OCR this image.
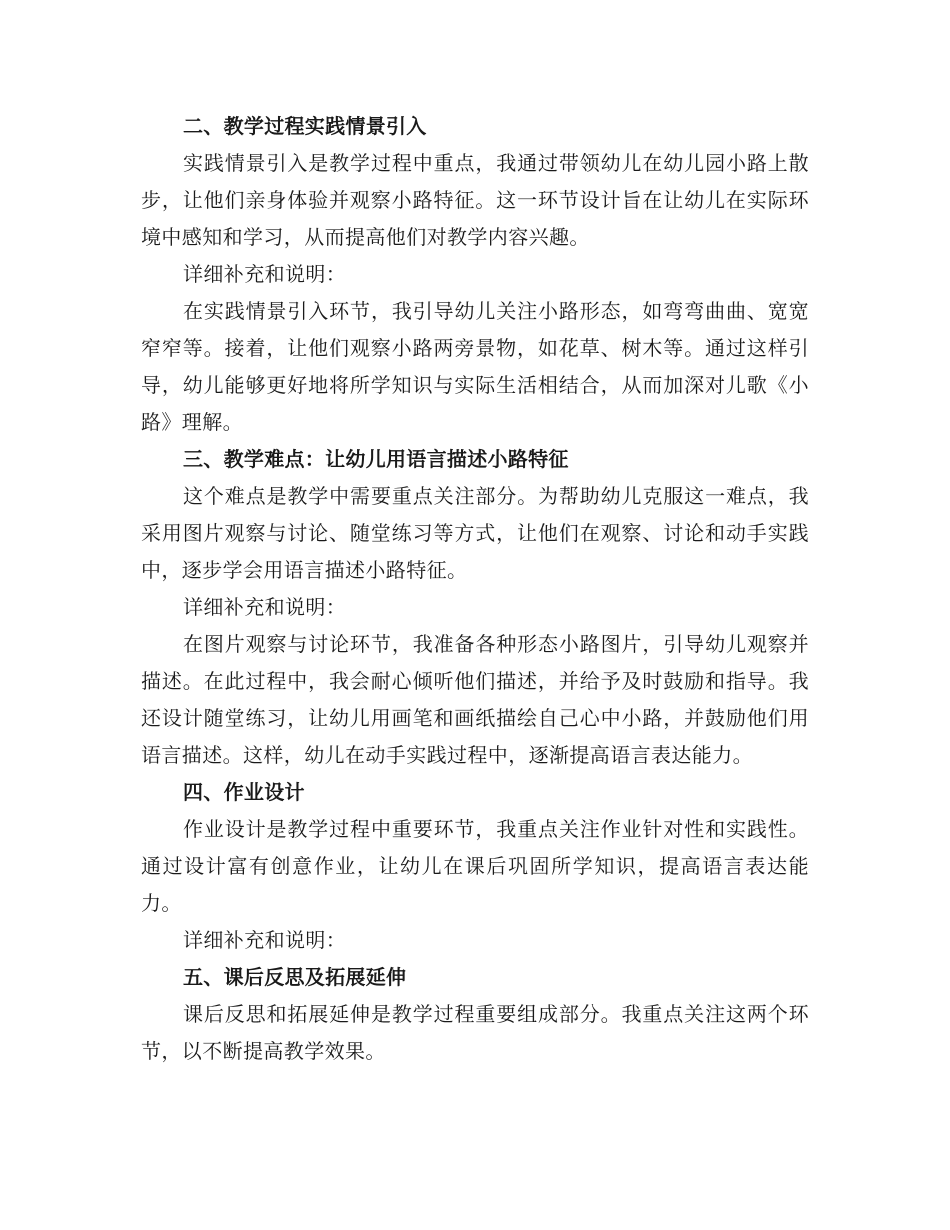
二、教学过程实践情景引入

实践情景引入是教学过程中重点，我通过带领幼儿在幼儿园小路上散步，让他们亲身体验并观察小路特征。这一环节设计旨在让幼儿在实际环境中感知和学习，从而提高他们对教学内容兴趣。

详细补充和说明：

在实践情景引入环节，我引导幼儿关注小路形态，如弯弯曲曲、宽宽窄窄等。接着，让他们观察小路两旁景物，如花草、树木等。通过这样引导，幼儿能够更好地将所学知识与实际生活相结合，从而加深对儿歌《小路》理解。

三、教学难点：让幼儿用语言描述小路特征

这个难点是教学中需要重点关注部分。为帮助幼儿克服这一难点，我采用图片观察与讨论、随堂练习等方式，让他们在观察、讨论和动手实践中，逐步学会用语言描述小路特征。

详细补充和说明：

在图片观察与讨论环节，我准备各种形态小路图片，引导幼儿观察并描述。在此过程中，我会耐心倾听他们描述，并给予及时鼓励和指导。我还设计随堂练习，让幼儿用画笔和画纸描绘自己心中小路，并鼓励他们用语言描述。这样，幼儿在动手实践过程中，逐渐提高语言表达能力。

四、作业设计

作业设计是教学过程中重要环节，我重点关注作业针对性和实践性。通过设计富有创意作业，让幼儿在课后巩固所学知识，提高语言表达能力。

详细补充和说明：

五、课后反思及拓展延伸

课后反思和拓展延伸是教学过程重要组成部分。我重点关注这两个环节，以不断提高教学效果。
